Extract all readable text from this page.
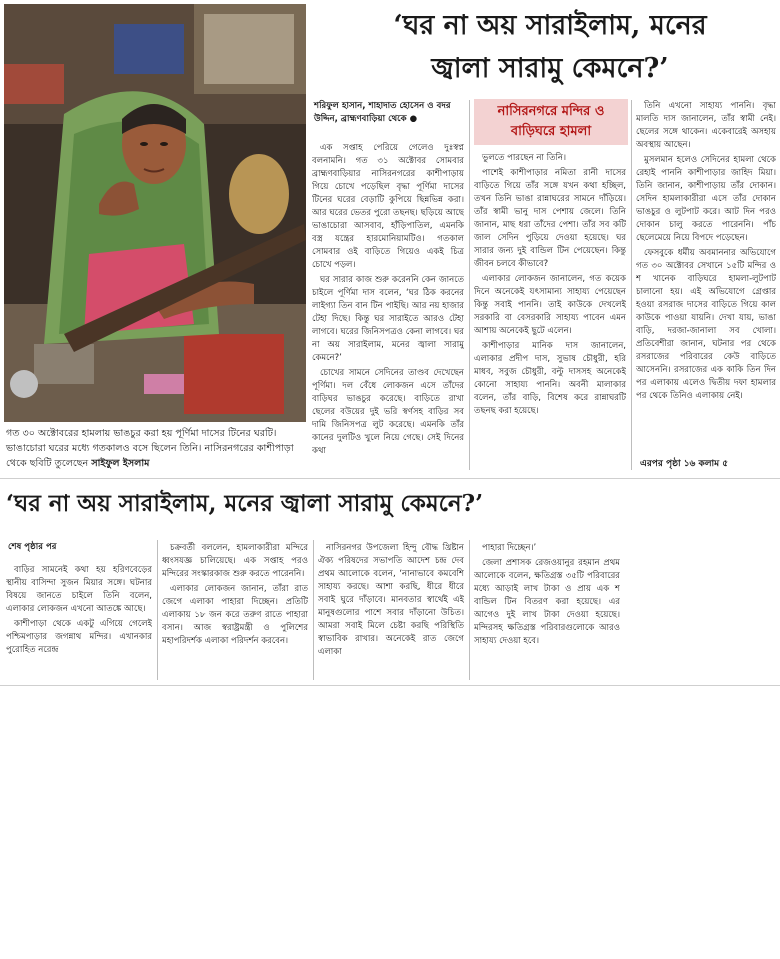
গত ৩০ অক্টোবরের হামলায় ভাঙচুর করা হয় পূর্ণিমা দাসের টিনের ঘরটি। ভাঙাচোরা ঘরের মধ্যে গতকালও বসে ছিলেন তিনি। নাসিরনগরের কাশীপাড়া থেকে ছবিটি তুলেছেন সাইফুল ইসলাম
‘ঘর না অয় সারাইলাম, মনের
জ্বালা সারামু কেমনে?’
শরিফুল হাসান, শাহাদাত হোসেন ও বদর উদ্দিন, ব্রাহ্মণবাড়িয়া থেকে ●	নাসিরনগরে মন্দির ও বাড়িঘরে হামলা

এক সপ্তাহ পেরিয়ে গেলেও দুঃস্বপ্ন বলনামনি। গত ৩১ অক্টোবর সোমবার ব্রাহ্মণবাড়িয়ার নাসিরনগরের কাশীপাড়ায় গিয়ে চোখে পড়েছিল বৃদ্ধা পূর্ণিমা দাসের টিনের ঘরের বেড়াটি কুপিয়ে ছিন্নভিন্ন করা। আর ঘরের ভেতর পুরো তছনছ। ছড়িয়ে আছে ভাঙাচোরা আসবাব, হাঁড়িপাতিল, এমনকি বস্ত্র যন্ত্রের হারমোনিয়ামটিও। গতকাল সোমবার ওই বাড়িতে গিয়েও একই চিত্র চোখে পড়ল।

ঘর সারার কাজ শুরু করেননি কেন জানতে চাইলে পূর্ণিমা দাস বলেন, ‘ঘর ঠিক করনের লাইগ্যা তিন বান টিন পাইছি। আর নয় হাজার টেহা দিছে। কিন্তু ঘর সারাইতে আরও টেহা লাগবে। ঘরের জিনিসপত্রও কেনা লাগবে। ঘর না অয় সারাইলাম, মনের জ্বালা সারামু কেমনে?’

চোখের সামনে সেদিনের তাণ্ডব দেখেছেন পূর্ণিমা। দল বেঁধে লোকজন এসে তাঁদের বাড়িঘর ভাঙচুর করেছে। বাড়িতে রাখা ছেলের বউয়ের দুই ভরি স্বর্ণসহ বাড়ির সব দামি জিনিসপত্র লুট করেছে। এমনকি তাঁর কানের দুলটিও খুলে নিয়ে গেছে। সেই দিনের কথা

ভুলতে পারছেন না তিনি।

পাশেই কাশীপাড়ার নমিতা রানী দাসের বাড়িতে গিয়ে তাঁর সঙ্গে যখন কথা হচ্ছিল, তখন তিনি ভাঙা রান্নাঘরের সামনে দাঁড়িয়ে। তাঁর স্বামী ভানু দাস পেশায় জেলে। তিনি জানান, মাছ ধরা তাঁদের পেশা। তাঁর সব কটি জাল সেদিন পুড়িয়ে দেওয়া হয়েছে। ঘর সারার জন্য দুই বান্ডিল টিন পেয়েছেন। কিন্তু জীবন চলবে কীভাবে?

এলাকার লোকজন জানালেন, গত কয়েক দিনে অনেকেই যৎসামান্য সাহায্য পেয়েছেন কিন্তু সবাই পাননি। তাই কাউকে দেখলেই সরকারি বা বেসরকারি সাহায্য পাবেন এমন আশায় অনেকেই ছুটে এলেন।

কাশীপাড়ার মানিক দাস জানালেন, এলাকার প্রদীপ দাস, সুভাষ চৌধুরী, হরি মাধব, সবুজ চৌধুরী, বল্টু দাসসহ অনেকেই কোনো সাহায্য পাননি। অবনী মালাকার বলেন, তাঁর বাড়ি, বিশেষ করে রান্নাঘরটি তছনছ করা হয়েছে।

তিনি এখনো সাহায্য পাননি। বৃদ্ধা মালতি দাস জানালেন, তাঁর স্বামী নেই। ছেলের সঙ্গে থাকেন। একেবারেই অসহায় অবস্থায় আছেন।

মুসলমান হলেও সেদিনের হামলা থেকে রেহাই পাননি কাশীপাড়ার জাহিদ মিয়া। তিনি জানান, কাশীপাড়ায় তাঁর দোকান। সেদিন হামলাকারীরা এসে তাঁর দোকান ভাঙচুর ও লুটপাট করে। আট দিন পরও দোকান চালু করতে পারেননি। পাঁচ ছেলেমেয়ে নিয়ে বিপদে পড়েছেন।

ফেসবুকে ধর্মীয় অবমাননার অভিযোগে গত ৩০ অক্টোবর সেখানে ১৫টি মন্দির ও শ খানেক বাড়িঘরে হামলা-লুটপাট চালানো হয়। এই অভিযোগে গ্রেপ্তার হওয়া রসরাজ দাসের বাড়িতে গিয়ে কাল কাউকে পাওয়া যায়নি। দেখা যায়, ভাঙা বাড়ি, দরজা-জানালা সব খোলা। প্রতিবেশীরা জানান, ঘটনার পর থেকে রসরাজের পরিবারের কেউ বাড়িতে আসেননি। রসরাজের এক কাকি তিন দিন পর এলাকায় এলেও দ্বিতীয় দফা হামলার পর থেকে তিনিও এলাকায় নেই।

এরপর পৃষ্ঠা ১৬ কলাম ৫
‘ঘর না অয় সারাইলাম, মনের জ্বালা সারামু কেমনে?’
শেষ পৃষ্ঠার পর

বাড়ির সামনেই কথা হয় হরিণবেড়ের স্থানীয় বাসিন্দা সুজন মিয়ার সঙ্গে। ঘটনার বিষয়ে জানতে চাইলে তিনি বলেন, এলাকার লোকজন এখনো আতঙ্কে আছে।

কাশীপাড়া থেকে একটু এগিয়ে গেলেই পশ্চিমপাড়ার জগন্নাথ মন্দির। এখানকার পুরোহিত নরেন্দ্র

চক্রবর্তী বললেন, হামলাকারীরা মন্দিরে ধ্বংসযজ্ঞ চালিয়েছে। এক সপ্তাহ পরও মন্দিরের সংস্কারকাজ শুরু করতে পারেননি।

এলাকার লোকজন জানান, তাঁরা রাত জেগে এলাকা পাহারা দিচ্ছেন। প্রতিটি এলাকায় ১৮ জন করে তরুণ রাতে পাহারা বসান। আজ স্বরাষ্ট্রমন্ত্রী ও পুলিশের মহাপরিদর্শক এলাকা পরিদর্শন করবেন।

নাসিরনগর উপজেলা হিন্দু বৌদ্ধ খ্রিষ্টান ঐক্য পরিষদের সভাপতি আদেশ চন্দ্র দেব প্রথম আলোকে বলেন, ‘নানাভাবে কমবেশি সাহায্য করছে। আশা করছি, ধীরে ধীরে সবাই ঘুরে দাঁড়াবে। মানবতার স্বার্থেই এই মানুষগুলোর পাশে সবার দাঁড়ানো উচিত। আমরা সবাই মিলে চেষ্টা করছি পরিস্থিতি স্বাভাবিক রাখার। অনেকেই রাত জেগে এলাকা

পাহারা দিচ্ছেন।’

জেলা প্রশাসক রেজওয়ানুর রহমান প্রথম আলোকে বলেন, ক্ষতিগ্রস্ত ৩৫টি পরিবারের মধ্যে আড়াই লাখ টাকা ও প্রায় এক শ বান্ডিল টিন বিতরণ করা হয়েছে। এর আগেও দুই লাখ টাকা দেওয়া হয়েছে। মন্দিরসহ ক্ষতিগ্রস্ত পরিবারগুলোকে আরও সাহায্য দেওয়া হবে।
